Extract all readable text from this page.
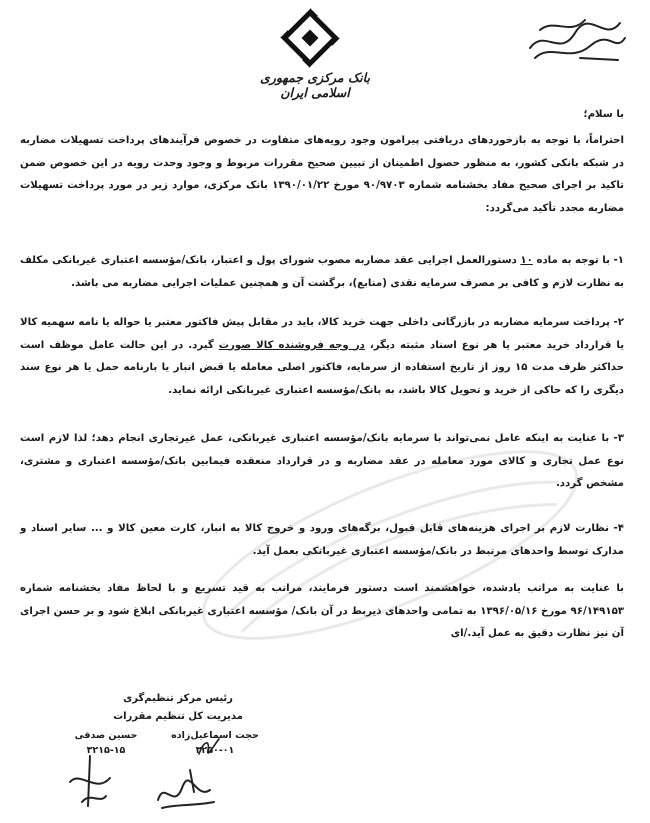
بانک مرکزی جمهوری اسلامی ایران
با سلام؛

احتراماً، با توجه به بازخوردهای دریافتی پیرامون وجود رویه‌های متفاوت در خصوص فرآیندهای پرداخت تسهیلات مضاربه در شبکه بانکی کشور، به منظور حصول اطمینان از تبیین صحیح مقررات مربوط و وجود وحدت رویه در این خصوص ضمن تاکید بر اجرای صحیح مفاد بخشنامه شماره ۹۰/۹۷۰۳ مورخ ۱۳۹۰/۰۱/۲۲ بانک مرکزی، موارد زیر در مورد پرداخت تسهیلات مضاربه مجدد تأکید می‌گردد:

۱- با توجه به ماده ۱۰ دستورالعمل اجرایی عقد مضاربه مصوب شورای پول و اعتبار، بانک/مؤسسه اعتباری غیربانکی مکلف به نظارت لازم و کافی بر مصرف سرمایه نقدی (منابع)، برگشت آن و همچنین عملیات اجرایی مضاربه می باشد.

۲- پرداخت سرمایه مضاربه در بازرگانی داخلی جهت خرید کالا، باید در مقابل پیش فاکتور معتبر یا حواله یا نامه سهمیه کالا یا قرارداد خرید معتبر یا هر نوع اسناد مثبته دیگر، در وجه فروشنده کالا صورت گیرد. در این حالت عامل موظف است حداکثر ظرف مدت ۱۵ روز از تاریخ استفاده از سرمایه، فاکتور اصلی معامله یا قبض انبار یا بارنامه حمل یا هر نوع سند دیگری را که حاکی از خرید و تحویل کالا باشد، به بانک/مؤسسه اعتباری غیربانکی ارائه نماید.

۳- با عنایت به اینکه عامل نمی‌تواند با سرمایه بانک/مؤسسه اعتباری غیربانکی، عمل غیرتجاری انجام دهد؛ لذا لازم است نوع عمل تجاری و کالای مورد معامله در عقد مضاربه و در قرارداد منعقده فیمابین بانک/مؤسسه اعتباری و مشتری، مشخص گردد.

۴- نظارت لازم بر اجرای هزینه‌های قابل قبول، برگه‌های ورود و خروج کالا به انبار، کارت معین کالا و ... سایر اسناد و مدارک توسط واحدهای مرتبط در بانک/مؤسسه اعتباری غیربانکی بعمل آید.

با عنایت به مراتب یادشده، خواهشمند است دستور فرمایند، مراتب به قید تسریع و با لحاظ مفاد بخشنامه شماره ۹۶/۱۴۹۱۵۳ مورخ ۱۳۹۶/۰۵/۱۶ به تمامی واحدهای ذیربط در آن بانک/ مؤسسه اعتباری غیربانکی ابلاغ شود و بر حسن اجرای آن نیز نظارت دقیق به عمل آید./ای

رئیس مرکز تنظیم‌گری
مدیریت کل تنظیم مقررات
حجت اسماعیل‌زاده
۳۲۵۰-۰۱
حسین صدقی
۳۲۱۵-۱۵
